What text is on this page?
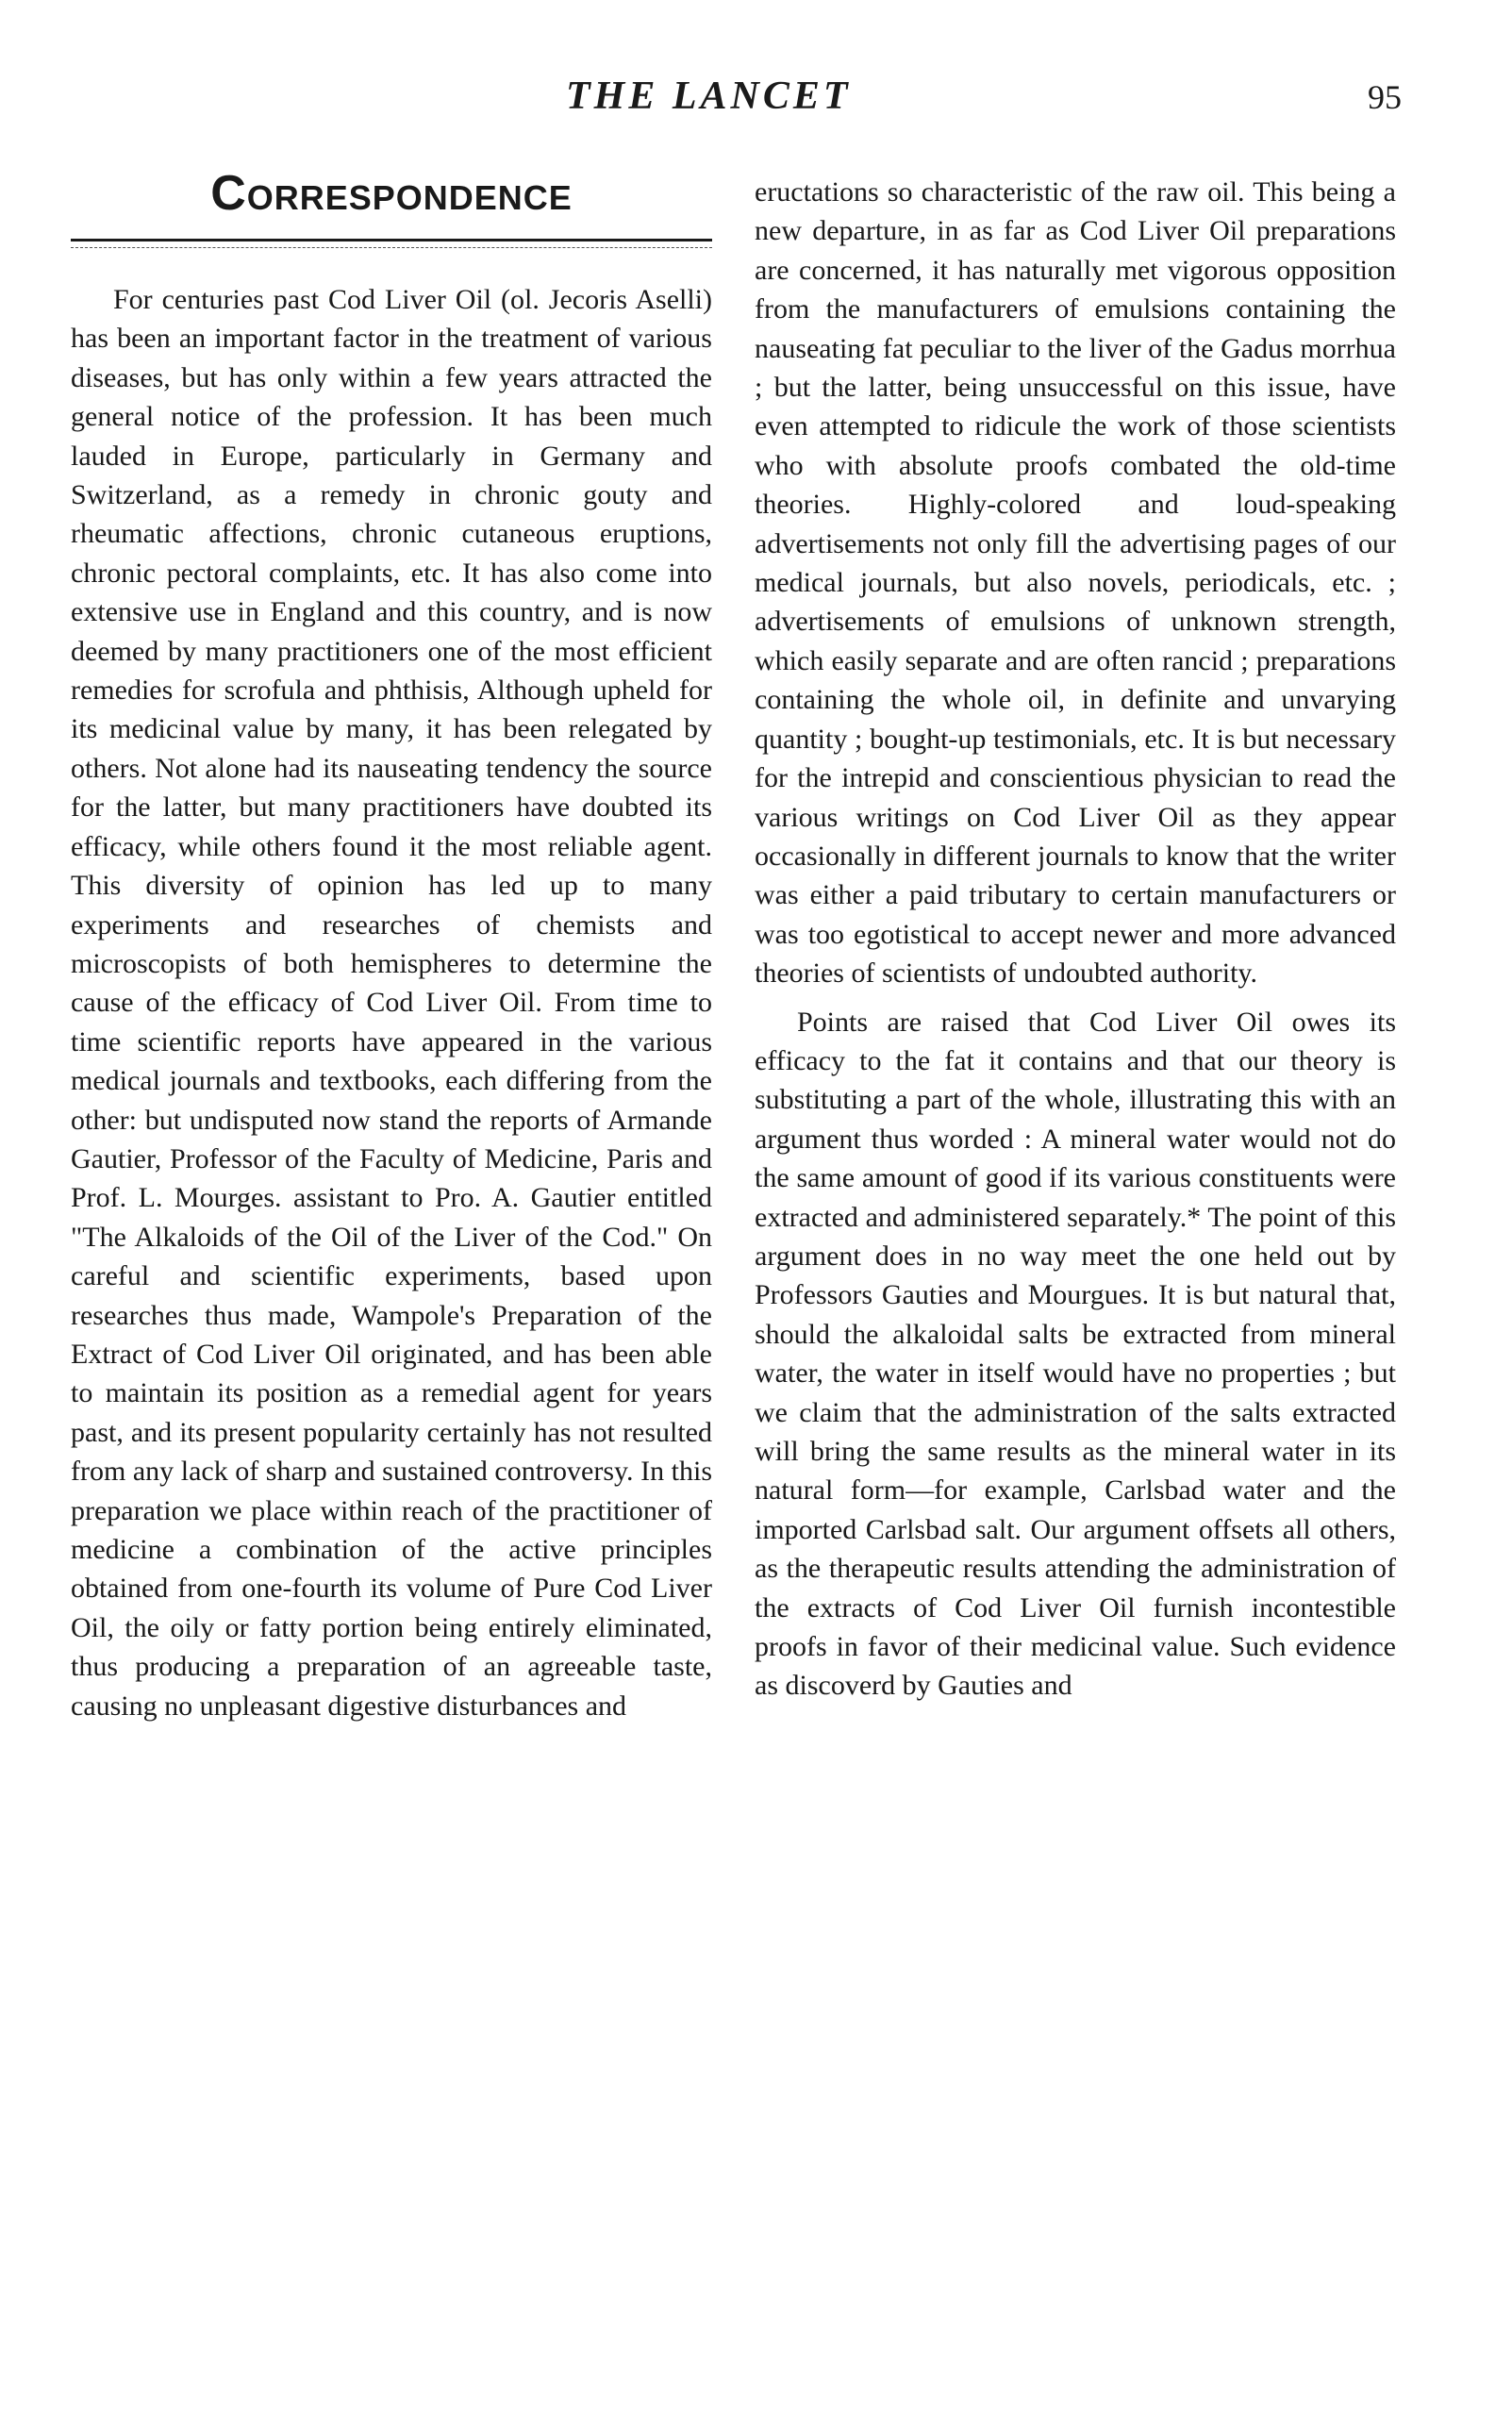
THE LANCET	95
Correspondence

For centuries past Cod Liver Oil (ol. Jecoris Aselli) has been an important factor in the treatment of various diseases, but has only within a few years attracted the general notice of the profession. It has been much lauded in Europe, particularly in Germany and Switzerland, as a remedy in chronic gouty and rheumatic affections, chronic cutaneous eruptions, chronic pectoral complaints, etc. It has also come into extensive use in England and this country, and is now deemed by many practitioners one of the most efficient remedies for scrofula and phthisis, Although upheld for its medicinal value by many, it has been relegated by others. Not alone had its nauseating tendency the source for the latter, but many practitioners have doubted its efficacy, while others found it the most reliable agent. This diversity of opinion has led up to many experiments and researches of chemists and microscopists of both hemispheres to determine the cause of the efficacy of Cod Liver Oil. From time to time scientific reports have appeared in the various medical journals and textbooks, each differing from the other: but undisputed now stand the reports of Armande Gautier, Professor of the Faculty of Medicine, Paris and Prof. L. Mourges. assistant to Pro. A. Gautier entitled "The Alkaloids of the Oil of the Liver of the Cod." On careful and scientific experiments, based upon researches thus made, Wampole's Preparation of the Extract of Cod Liver Oil originated, and has been able to maintain its position as a remedial agent for years past, and its present popularity certainly has not resulted from any lack of sharp and sustained controversy. In this preparation we place within reach of the practitioner of medicine a combination of the active principles obtained from one-fourth its volume of Pure Cod Liver Oil, the oily or fatty portion being entirely eliminated, thus producing a preparation of an agreeable taste, causing no unpleasant digestive disturbances and

eructations so characteristic of the raw oil. This being a new departure, in as far as Cod Liver Oil preparations are concerned, it has naturally met vigorous opposition from the manufacturers of emulsions containing the nauseating fat peculiar to the liver of the Gadus morrhua ; but the latter, being unsuccessful on this issue, have even attempted to ridicule the work of those scientists who with absolute proofs combated the old-time theories. Highly-colored and loud-speaking advertisements not only fill the advertising pages of our medical journals, but also novels, periodicals, etc. ; advertisements of emulsions of unknown strength, which easily separate and are often rancid ; preparations containing the whole oil, in definite and unvarying quantity ; bought-up testimonials, etc. It is but necessary for the intrepid and conscientious physician to read the various writings on Cod Liver Oil as they appear occasionally in different journals to know that the writer was either a paid tributary to certain manufacturers or was too egotistical to accept newer and more advanced theories of scientists of undoubted authority.

Points are raised that Cod Liver Oil owes its efficacy to the fat it contains and that our theory is substituting a part of the whole, illustrating this with an argument thus worded : A mineral water would not do the same amount of good if its various constituents were extracted and administered separately.* The point of this argument does in no way meet the one held out by Professors Gauties and Mourgues. It is but natural that, should the alkaloidal salts be extracted from mineral water, the water in itself would have no properties ; but we claim that the administration of the salts extracted will bring the same results as the mineral water in its natural form—for example, Carlsbad water and the imported Carlsbad salt. Our argument offsets all others, as the therapeutic results attending the administration of the extracts of Cod Liver Oil furnish incontestible proofs in favor of their medicinal value. Such evidence as discoverd by Gauties and
